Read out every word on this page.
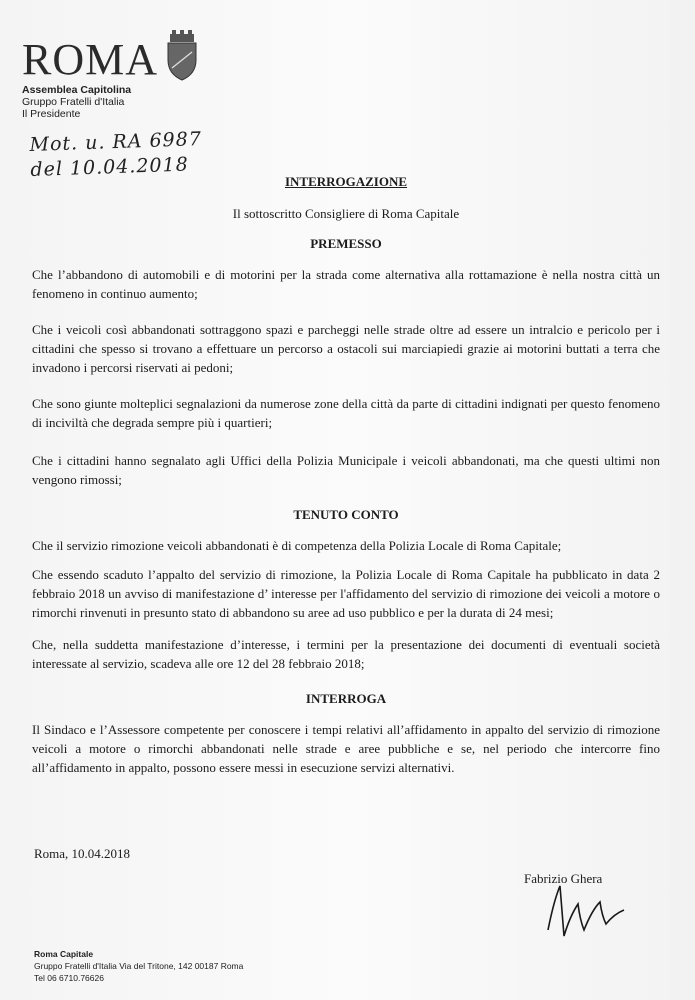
ROMA
Assemblea Capitolina
Gruppo Fratelli d'Italia
Il Presidente
Mot. u. RA 6987
del 10.04.2018
INTERROGAZIONE
Il sottoscritto Consigliere di Roma Capitale
PREMESSO

Che l’abbandono di automobili e di motorini per la strada come alternativa alla rottamazione è nella nostra città un fenomeno in continuo aumento;

Che i veicoli così abbandonati sottraggono spazi e parcheggi nelle strade oltre ad essere un intralcio e pericolo per i cittadini che spesso si trovano a effettuare un percorso a ostacoli sui marciapiedi grazie ai motorini buttati a terra che invadono i percorsi riservati ai pedoni;

Che sono giunte molteplici segnalazioni da numerose zone della città da parte di cittadini indignati per questo fenomeno di inciviltà che degrada sempre più i quartieri;

Che i cittadini hanno segnalato agli Uffici della Polizia Municipale i veicoli abbandonati, ma che questi ultimi non vengono rimossi;

TENUTO CONTO

Che il servizio rimozione veicoli abbandonati è di competenza della Polizia Locale di Roma Capitale;

Che essendo scaduto l’appalto del servizio di rimozione, la Polizia Locale di Roma Capitale ha pubblicato in data 2 febbraio 2018 un avviso di manifestazione d’ interesse per l'affidamento del servizio di rimozione dei veicoli a motore o rimorchi rinvenuti in presunto stato di abbandono su aree ad uso pubblico e per la durata di 24 mesi;

Che, nella suddetta manifestazione d’interesse, i termini per la presentazione dei documenti di eventuali società interessate al servizio, scadeva alle ore 12 del 28 febbraio 2018;

INTERROGA

Il Sindaco e l’Assessore competente per conoscere i tempi relativi all’affidamento in appalto del servizio di rimozione veicoli a motore o rimorchi abbandonati nelle strade e aree pubbliche e se, nel periodo che intercorre fino all’affidamento in appalto, possono essere messi in esecuzione servizi alternativi.

Roma, 10.04.2018
Fabrizio Ghera
Roma Capitale
Gruppo Fratelli d'Italia Via del Tritone, 142 00187 Roma
Tel 06 6710.76626
